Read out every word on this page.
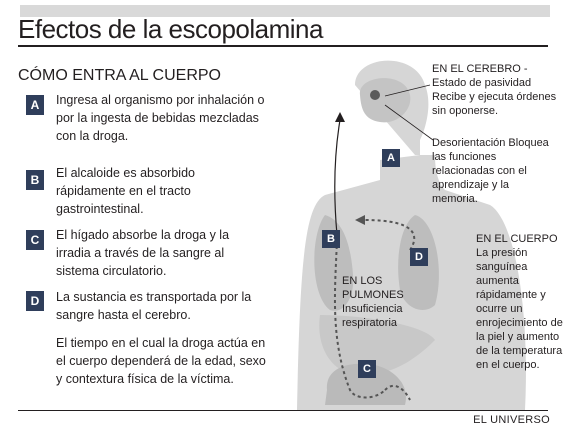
Efectos de la escopolamina
CÓMO ENTRA AL CUERPO
A	Ingresa al organismo por inhalación o por la ingesta de bebidas mezcladas con la droga.
B	El alcaloide es absorbido rápidamente en el tracto gastrointestinal.
C	El hígado absorbe la droga y la irradia a través de la sangre al sistema circulatorio.
D	La sustancia es transportada por la sangre hasta el cerebro.
El tiempo en el cual la droga actúa en el cuerpo dependerá de la edad, sexo y contextura física de la víctima.
A
B
C
D
EN EL CEREBRO - Estado de pasividad Recibe y ejecuta órdenes sin oponerse.
Desorientación Bloquea las funciones relacionadas con el aprendizaje y la memoria.
EN EL CUERPO La presión sanguínea aumenta rápidamente y ocurre un enrojecimiento de la piel y aumento de la temperatura en el cuerpo.
EN LOS PULMONES Insuficiencia respiratoria
EL UNIVERSO
